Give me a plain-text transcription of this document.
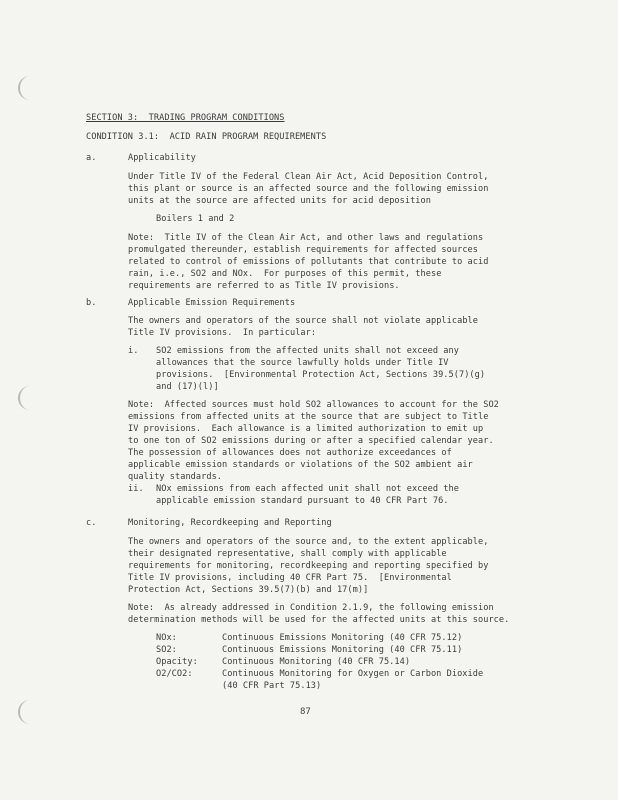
SECTION 3:  TRADING PROGRAM CONDITIONS
CONDITION 3.1:  ACID RAIN PROGRAM REQUIREMENTS
a.	Applicability
Under Title IV of the Federal Clean Air Act, Acid Deposition Control,
this plant or source is an affected source and the following emission
units at the source are affected units for acid deposition
Boilers 1 and 2
Note:  Title IV of the Clean Air Act, and other laws and regulations
promulgated thereunder, establish requirements for affected sources
related to control of emissions of pollutants that contribute to acid
rain, i.e., SO2 and NOx.  For purposes of this permit, these
requirements are referred to as Title IV provisions.
b.	Applicable Emission Requirements
The owners and operators of the source shall not violate applicable
Title IV provisions.  In particular:
i. SO2 emissions from the affected units shall not exceed any
allowances that the source lawfully holds under Title IV
provisions.  [Environmental Protection Act, Sections 39.5(7)(g)
and (17)(l)]
Note:  Affected sources must hold SO2 allowances to account for the SO2
emissions from affected units at the source that are subject to Title
IV provisions.  Each allowance is a limited authorization to emit up
to one ton of SO2 emissions during or after a specified calendar year.
The possession of allowances does not authorize exceedances of
applicable emission standards or violations of the SO2 ambient air
quality standards.
ii. NOx emissions from each affected unit shall not exceed the
applicable emission standard pursuant to 40 CFR Part 76.
c.	Monitoring, Recordkeeping and Reporting
The owners and operators of the source and, to the extent applicable,
their designated representative, shall comply with applicable
requirements for monitoring, recordkeeping and reporting specified by
Title IV provisions, including 40 CFR Part 75.  [Environmental
Protection Act, Sections 39.5(7)(b) and 17(m)]
Note:  As already addressed in Condition 2.1.9, the following emission
determination methods will be used for the affected units at this source.
NOx:	Continuous Emissions Monitoring (40 CFR 75.12)
SO2:	Continuous Emissions Monitoring (40 CFR 75.11)
Opacity:	Continuous Monitoring (40 CFR 75.14)
O2/CO2:	Continuous Monitoring for Oxygen or Carbon Dioxide
(40 CFR Part 75.13)
87
